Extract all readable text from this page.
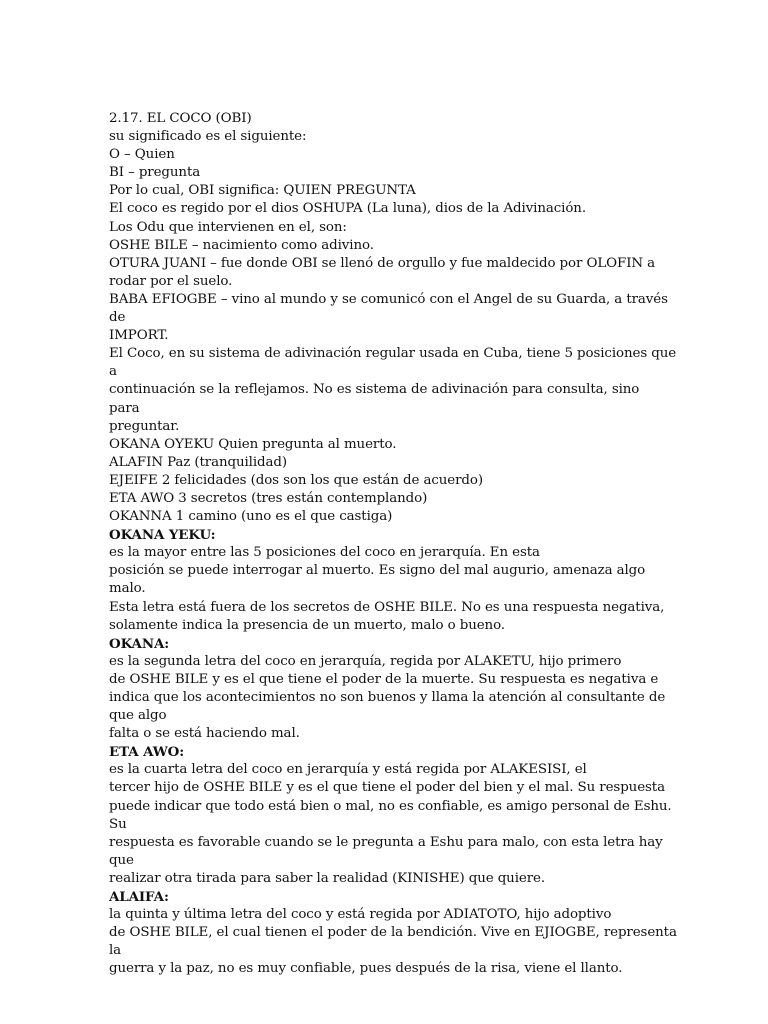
2.17. EL COCO (OBI)
su significado es el siguiente:
O – Quien
BI – pregunta
Por lo cual, OBI significa: QUIEN PREGUNTA
El coco es regido por el dios OSHUPA (La luna), dios de la Adivinación.
Los Odu que intervienen en el, son:
OSHE BILE – nacimiento como adivino.
OTURA JUANI – fue donde OBI se llenó de orgullo y fue maldecido por OLOFIN a
rodar por el suelo.
BABA EFIOGBE – vino al mundo y se comunicó con el Angel de su Guarda, a través
de
IMPORT.
El Coco, en su sistema de adivinación regular usada en Cuba, tiene 5 posiciones que
a
continuación se la reflejamos. No es sistema de adivinación para consulta, sino
para
preguntar.
OKANA OYEKU Quien pregunta al muerto.
ALAFIN Paz (tranquilidad)
EJEIFE 2 felicidades (dos son los que están de acuerdo)
ETA AWO 3 secretos (tres están contemplando)
OKANNA 1 camino (uno es el que castiga)
OKANA YEKU:
es la mayor entre las 5 posiciones del coco en jerarquía. En esta
posición se puede interrogar al muerto. Es signo del mal augurio, amenaza algo
malo.
Esta letra está fuera de los secretos de OSHE BILE. No es una respuesta negativa,
solamente indica la presencia de un muerto, malo o bueno.
OKANA:
es la segunda letra del coco en jerarquía, regida por ALAKETU, hijo primero
de OSHE BILE y es el que tiene el poder de la muerte. Su respuesta es negativa e
indica que los acontecimientos no son buenos y llama la atención al consultante de
que algo
falta o se está haciendo mal.
ETA AWO:
es la cuarta letra del coco en jerarquía y está regida por ALAKESISI, el
tercer hijo de OSHE BILE y es el que tiene el poder del bien y el mal. Su respuesta
puede indicar que todo está bien o mal, no es confiable, es amigo personal de Eshu.
Su
respuesta es favorable cuando se le pregunta a Eshu para malo, con esta letra hay
que
realizar otra tirada para saber la realidad (KINISHE) que quiere.
ALAIFA:
la quinta y última letra del coco y está regida por ADIATOTO, hijo adoptivo
de OSHE BILE, el cual tienen el poder de la bendición. Vive en EJIOGBE, representa
la
guerra y la paz, no es muy confiable, pues después de la risa, viene el llanto.
